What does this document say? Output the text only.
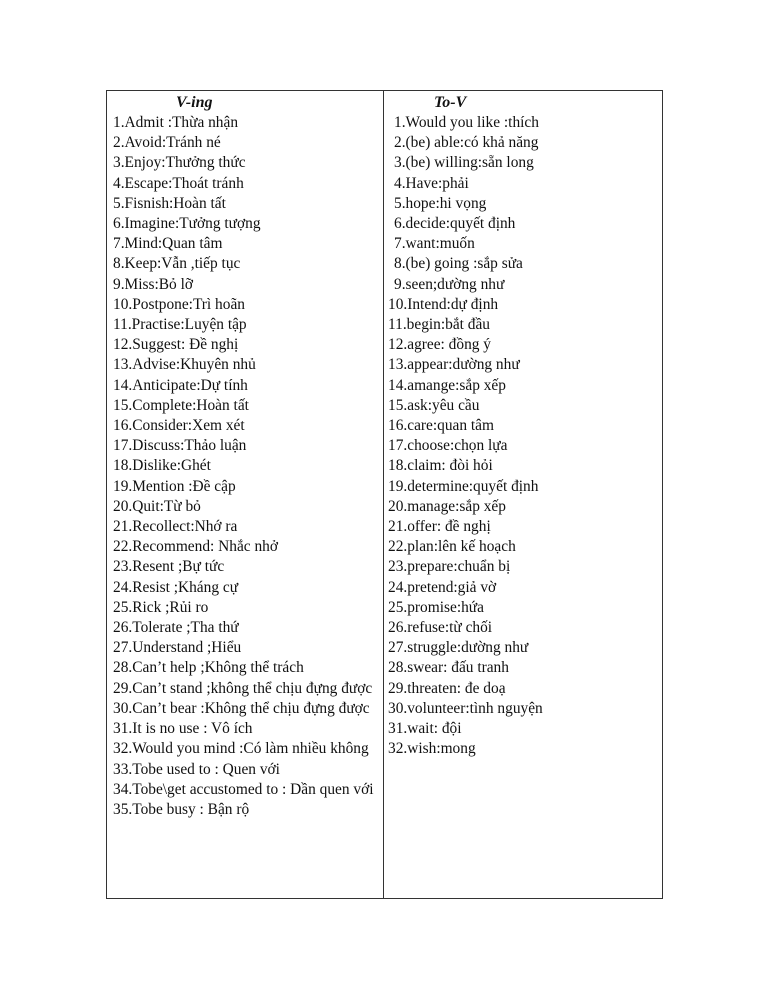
V-ing
1.Admit :Thừa nhận
2.Avoid:Tránh né
3.Enjoy:Thưởng thức
4.Escape:Thoát tránh
5.Fisnish:Hoàn tất
6.Imagine:Tưởng tượng
7.Mind:Quan tâm
8.Keep:Vẫn ,tiếp tục
9.Miss:Bỏ lỡ
10.Postpone:Trì hoãn
11.Practise:Luyện tập
12.Suggest: Đề nghị
13.Advise:Khuyên nhủ
14.Anticipate:Dự tính
15.Complete:Hoàn tất
16.Consider:Xem xét
17.Discuss:Thảo luận
18.Dislike:Ghét
19.Mention :Đề cập
20.Quit:Từ bỏ
21.Recollect:Nhớ ra
22.Recommend: Nhắc nhở
23.Resent ;Bự tức
24.Resist ;Kháng cự
25.Rick ;Rủi ro
26.Tolerate ;Tha thứ
27.Understand ;Hiểu
28.Can’t help ;Không thể trách
29.Can’t stand ;không thể chịu đựng được
30.Can’t bear :Không thể chịu đựng được
31.It is no use : Vô ích
32.Would you mind :Có làm nhiều không
33.Tobe used to : Quen với
34.Tobe\get accustomed to : Dần quen với
35.Tobe busy : Bận rộ
To-V
1.Would you like :thích
2.(be) able:có khả năng
3.(be) willing:sẵn long
4.Have:phải
5.hope:hi vọng
6.decide:quyết định
7.want:muốn
8.(be) going :sắp sửa
9.seen;dường như
10.Intend:dự định
11.begin:bắt đầu
12.agree: đồng ý
13.appear:dường như
14.amange:sắp xếp
15.ask:yêu cầu
16.care:quan tâm
17.choose:chọn lựa
18.claim: đòi hỏi
19.determine:quyết định
20.manage:sắp xếp
21.offer: đề nghị
22.plan:lên kế hoạch
23.prepare:chuẩn bị
24.pretend:giả vờ
25.promise:hứa
26.refuse:từ chối
27.struggle:dường như
28.swear: đấu tranh
29.threaten: đe doạ
30.volunteer:tình nguyện
31.wait: đội
32.wish:mong
